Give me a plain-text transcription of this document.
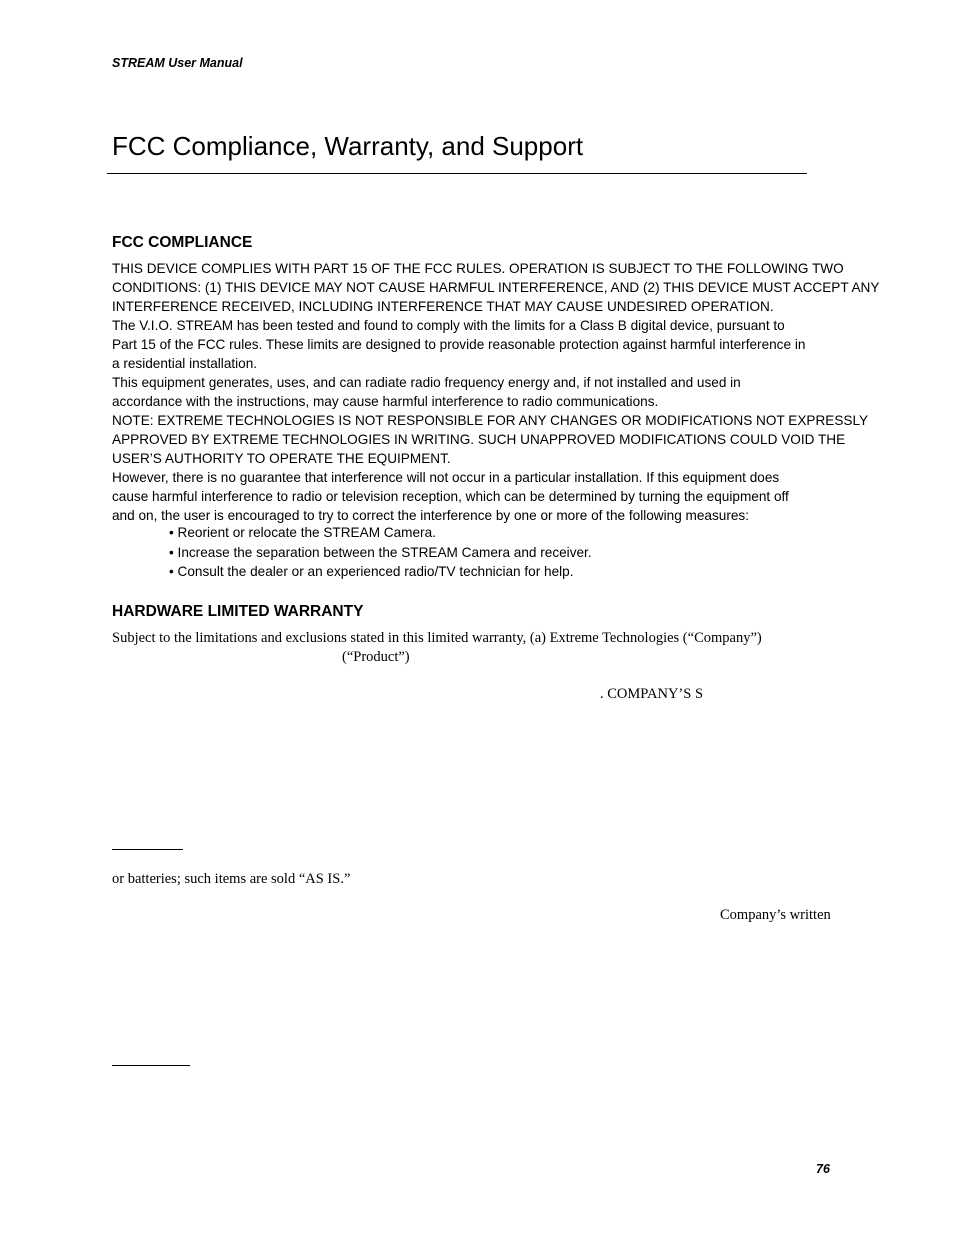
STREAM User Manual
FCC Compliance, Warranty, and Support
FCC COMPLIANCE
THIS DEVICE COMPLIES WITH PART 15 OF THE FCC RULES. OPERATION IS SUBJECT TO THE FOLLOWING TWO
CONDITIONS: (1) THIS DEVICE MAY NOT CAUSE HARMFUL INTERFERENCE, AND (2) THIS DEVICE MUST ACCEPT ANY
INTERFERENCE RECEIVED, INCLUDING INTERFERENCE THAT MAY CAUSE UNDESIRED OPERATION.
The V.I.O. STREAM has been tested and found to comply with the limits for a Class B digital device, pursuant to
Part 15 of the FCC rules. These limits are designed to provide reasonable protection against harmful interference in
a residential installation.
This equipment generates, uses, and can radiate radio frequency energy and, if not installed and used in
accordance with the instructions, may cause harmful interference to radio communications.
NOTE: EXTREME TECHNOLOGIES IS NOT RESPONSIBLE FOR ANY CHANGES OR MODIFICATIONS NOT EXPRESSLY
APPROVED BY EXTREME TECHNOLOGIES IN WRITING. SUCH UNAPPROVED MODIFICATIONS COULD VOID THE
USER’S AUTHORITY TO OPERATE THE EQUIPMENT.
However, there is no guarantee that interference will not occur in a particular installation. If this equipment does
cause harmful interference to radio or television reception, which can be determined by turning the equipment off
and on, the user is encouraged to try to correct the interference by one or more of the following measures:
• Reorient or relocate the STREAM Camera.
• Increase the separation between the STREAM Camera and receiver.
• Consult the dealer or an experienced radio/TV technician for help.
HARDWARE LIMITED WARRANTY
Subject to the limitations and exclusions stated in this limited warranty, (a) Extreme Technologies (“Company”)
(“Product”)
. COMPANY’S S
or batteries; such items are sold “AS IS.”
Company’s written
76
